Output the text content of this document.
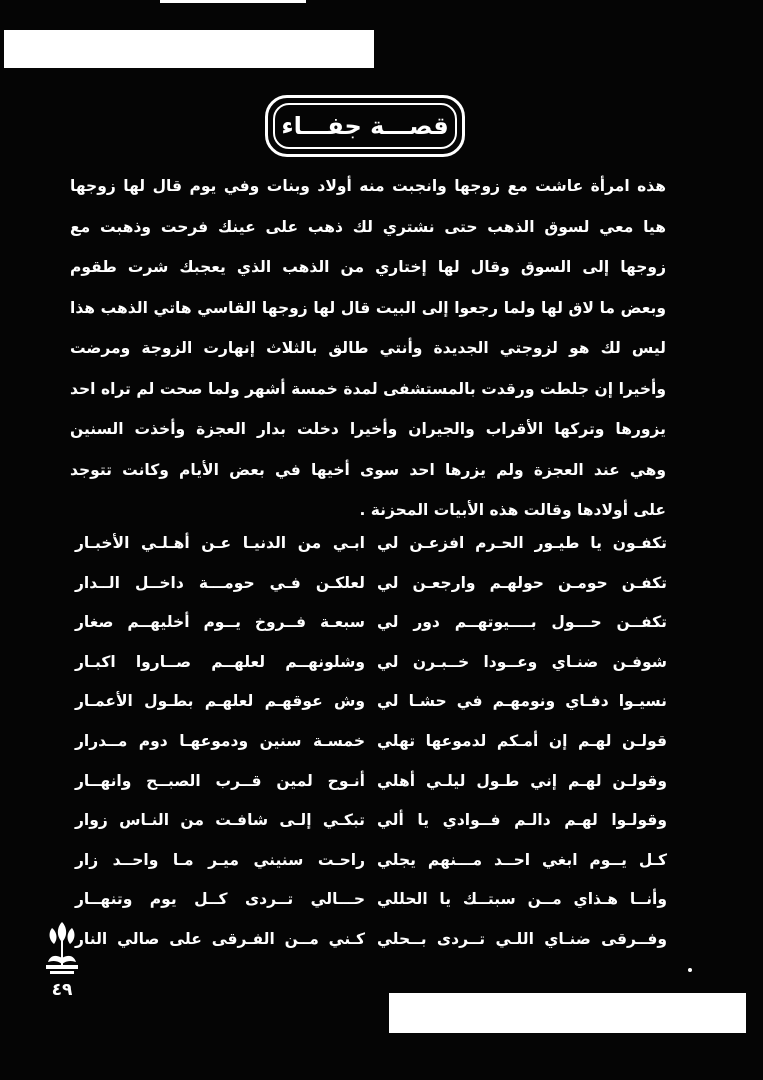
قصـــة جفـــاء
هذه امرأة عاشت مع زوجها وانجبت منه أولاد وبنات وفي يوم قال لها زوجها
هيا معي لسوق الذهب حتى نشتري لك ذهب على عينك فرحت وذهبت مع
زوجها إلى السوق وقال لها إختاري من الذهب الذي يعجبك شرت طقوم
وبعض ما لاق لها ولما رجعوا إلى البيت قال لها زوجها القاسي هاتي الذهب هذا
ليس لك هو لزوجتي الجديدة وأنتي طالق بالثلاث إنهارت الزوجة ومرضت
وأخيرا إن جلطت ورقدت بالمستشفى لمدة خمسة أشهر ولما صحت لم تراه احد
يزورها وتركها الأقراب والجيران وأخيرا دخلت بدار العجزة وأخذت السنين
وهي عند العجزة ولم يزرها احد سوى أخيها في بعض الأيام وكانت تتوجد
على أولادها وقالت هذه الأبيات المحزنة .
تكفـون يا طيـور الحـرم افزعـن لي
ابـي من الدنيـا عـن أهـلـي الأخبـار
تكفـن حومـن حولهـم وارجعـن لي
لعلكـن فـي حومـــة داخــل الــدار
تكفــن حـــول بــــيوتهــم دور لي
سبعـة فــروخ يــوم أخليهــم صغار
شوفـن ضنـاي وعــودا خــبـرن لي
وشلونهــم لعلهــم صــاروا اكبـار
نسيـوا دفـاي ونومهـم في حشـا لي
وش عوقهـم لعلهـم بطـول الأعمـار
قولـن لهـم إن أمـكم لدموعها تهلي
خمسـة سنين ودموعهـا دوم مــدرار
وقولـن لهـم إني طـول ليلـي أهلي
أنـوح لمين قــرب الصبــح وانهــار
وقولـوا لهـم دالـم فــوادي يا ألي
تبكـي إلـى شافـت من النـاس زوار
كـل يــوم ابغي احــد مـــنهم يجلي
راحـت سنيني ميـر مـا واحــد زار
وأنــا هـذاي مــن سبتــك يا الحللي
حـــالي تــردى كــل يوم وتنهــار
وفــرقى ضنـاي اللـي تــردى بــحلي
كـني مــن الفـرقى على صالي النار
٤٩
